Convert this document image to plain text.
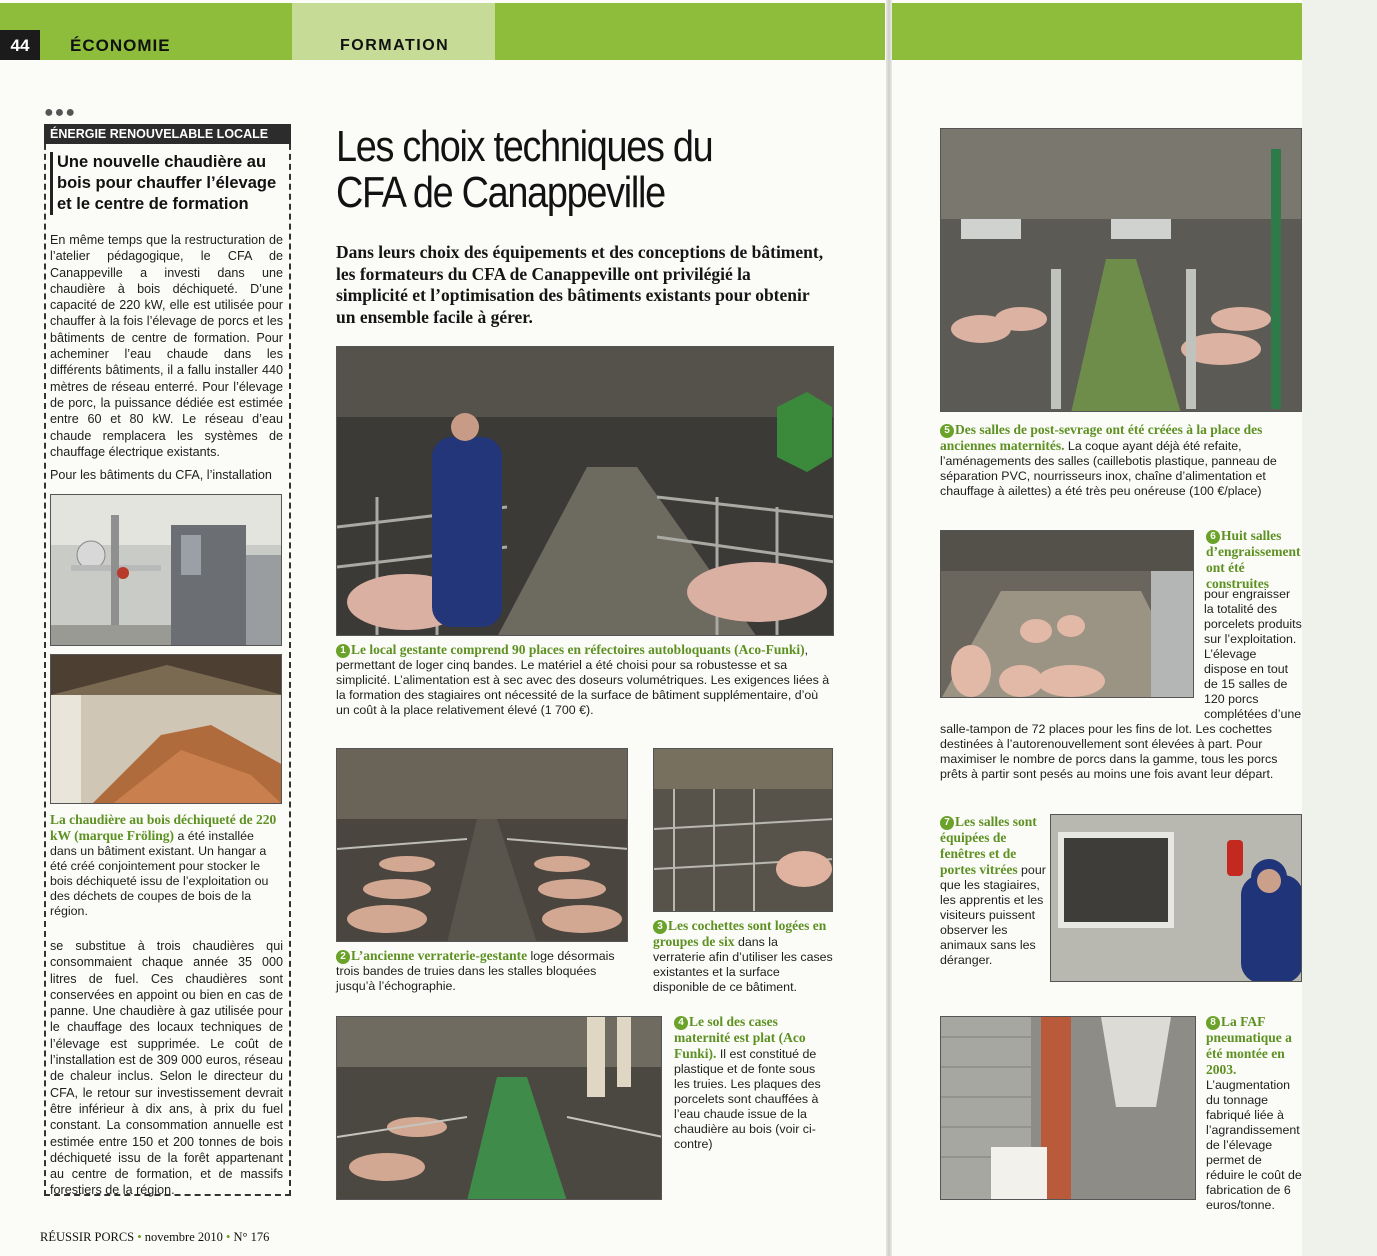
44	ÉCONOMIE	FORMATION
●●●
ÉNERGIE RENOUVELABLE LOCALE
Une nouvelle chaudière au bois pour chauffer l’élevage et le centre de formation
En même temps que la restructuration de l’atelier pédagogique, le CFA de Canappeville a investi dans une chaudière à bois déchiqueté. D’une capacité de 220 kW, elle est utilisée pour chauffer à la fois l’élevage de porcs et les bâtiments de centre de formation. Pour acheminer l’eau chaude dans les différents bâtiments, il a fallu installer 440 mètres de réseau enterré. Pour l’élevage de porc, la puissance dédiée est estimée entre 60 et 80 kW. Le réseau d’eau chaude remplacera les systèmes de chauffage électrique existants.
Pour les bâtiments du CFA, l’installation
La chaudière au bois déchiqueté de 220 kW (marque Fröling) a été installée dans un bâtiment existant. Un hangar a été créé conjointement pour stocker le bois déchiqueté issu de l’exploitation ou des déchets de coupes de bois de la région.
se substitue à trois chaudières qui consommaient chaque année 35 000 litres de fuel. Ces chaudières sont conservées en appoint ou bien en cas de panne. Une chaudière à gaz utilisée pour le chauffage des locaux techniques de l’élevage est supprimée. Le coût de l’installation est de 309 000 euros, réseau de chaleur inclus. Selon le directeur du CFA, le retour sur investissement devrait être inférieur à dix ans, à prix du fuel constant. La consommation annuelle est estimée entre 150 et 200 tonnes de bois déchiqueté issu de la forêt appartenant au centre de formation, et de massifs forestiers de la région.
Les choix techniques du CFA de Canappeville
Dans leurs choix des équipements et des conceptions de bâtiment, les formateurs du CFA de Canappeville ont privilégié la simplicité et l’optimisation des bâtiments existants pour obtenir un ensemble facile à gérer.
1 Le local gestante comprend 90 places en réfectoires autobloquants (Aco-Funki), permettant de loger cinq bandes. Le matériel a été choisi pour sa robustesse et sa simplicité. L’alimentation est à sec avec des doseurs volumétriques. Les exigences liées à la formation des stagiaires ont nécessité de la surface de bâtiment supplémentaire, d’où un coût à la place relativement élevé (1 700 €).
2 L’ancienne verraterie-gestante loge désormais trois bandes de truies dans les stalles bloquées jusqu’à l’échographie.
3 Les cochettes sont logées en groupes de six dans la verraterie afin d’utiliser les cases existantes et la surface disponible de ce bâtiment.
4 Le sol des cases maternité est plat (Aco Funki). Il est constitué de plastique et de fonte sous les truies. Les plaques des porcelets sont chauffées à l’eau chaude issue de la chaudière au bois (voir ci-contre)
5 Des salles de post-sevrage ont été créées à la place des anciennes maternités. La coque ayant déjà été refaite, l’aménagements des salles (caillebotis plastique, panneau de séparation PVC, nourrisseurs inox, chaîne d’alimentation et chauffage à ailettes) a été très peu onéreuse (100 €/place)
6 Huit salles d’engraissement ont été construites
pour engraisser la totalité des porcelets produits sur l’exploitation. L’élevage dispose en tout de 15 salles de 120 porcs complétées d’une salle-tampon de 72 places pour les fins de lot. Les cochettes destinées à l’autorenouvellement sont élevées à part. Pour maximiser le nombre de porcs dans la gamme, tous les porcs prêts à partir sont pesés au moins une fois avant leur départ.
7 Les salles sont équipées de fenêtres et de portes vitrées pour que les stagiaires, les apprentis et les visiteurs puissent observer les animaux sans les déranger.
8 La FAF pneumatique a été montée en 2003. L’augmentation du tonnage fabriqué liée à l’agrandissement de l’élevage permet de réduire le coût de fabrication de 6 euros/tonne.
RÉUSSIR PORCS • novembre 2010 • N° 176
